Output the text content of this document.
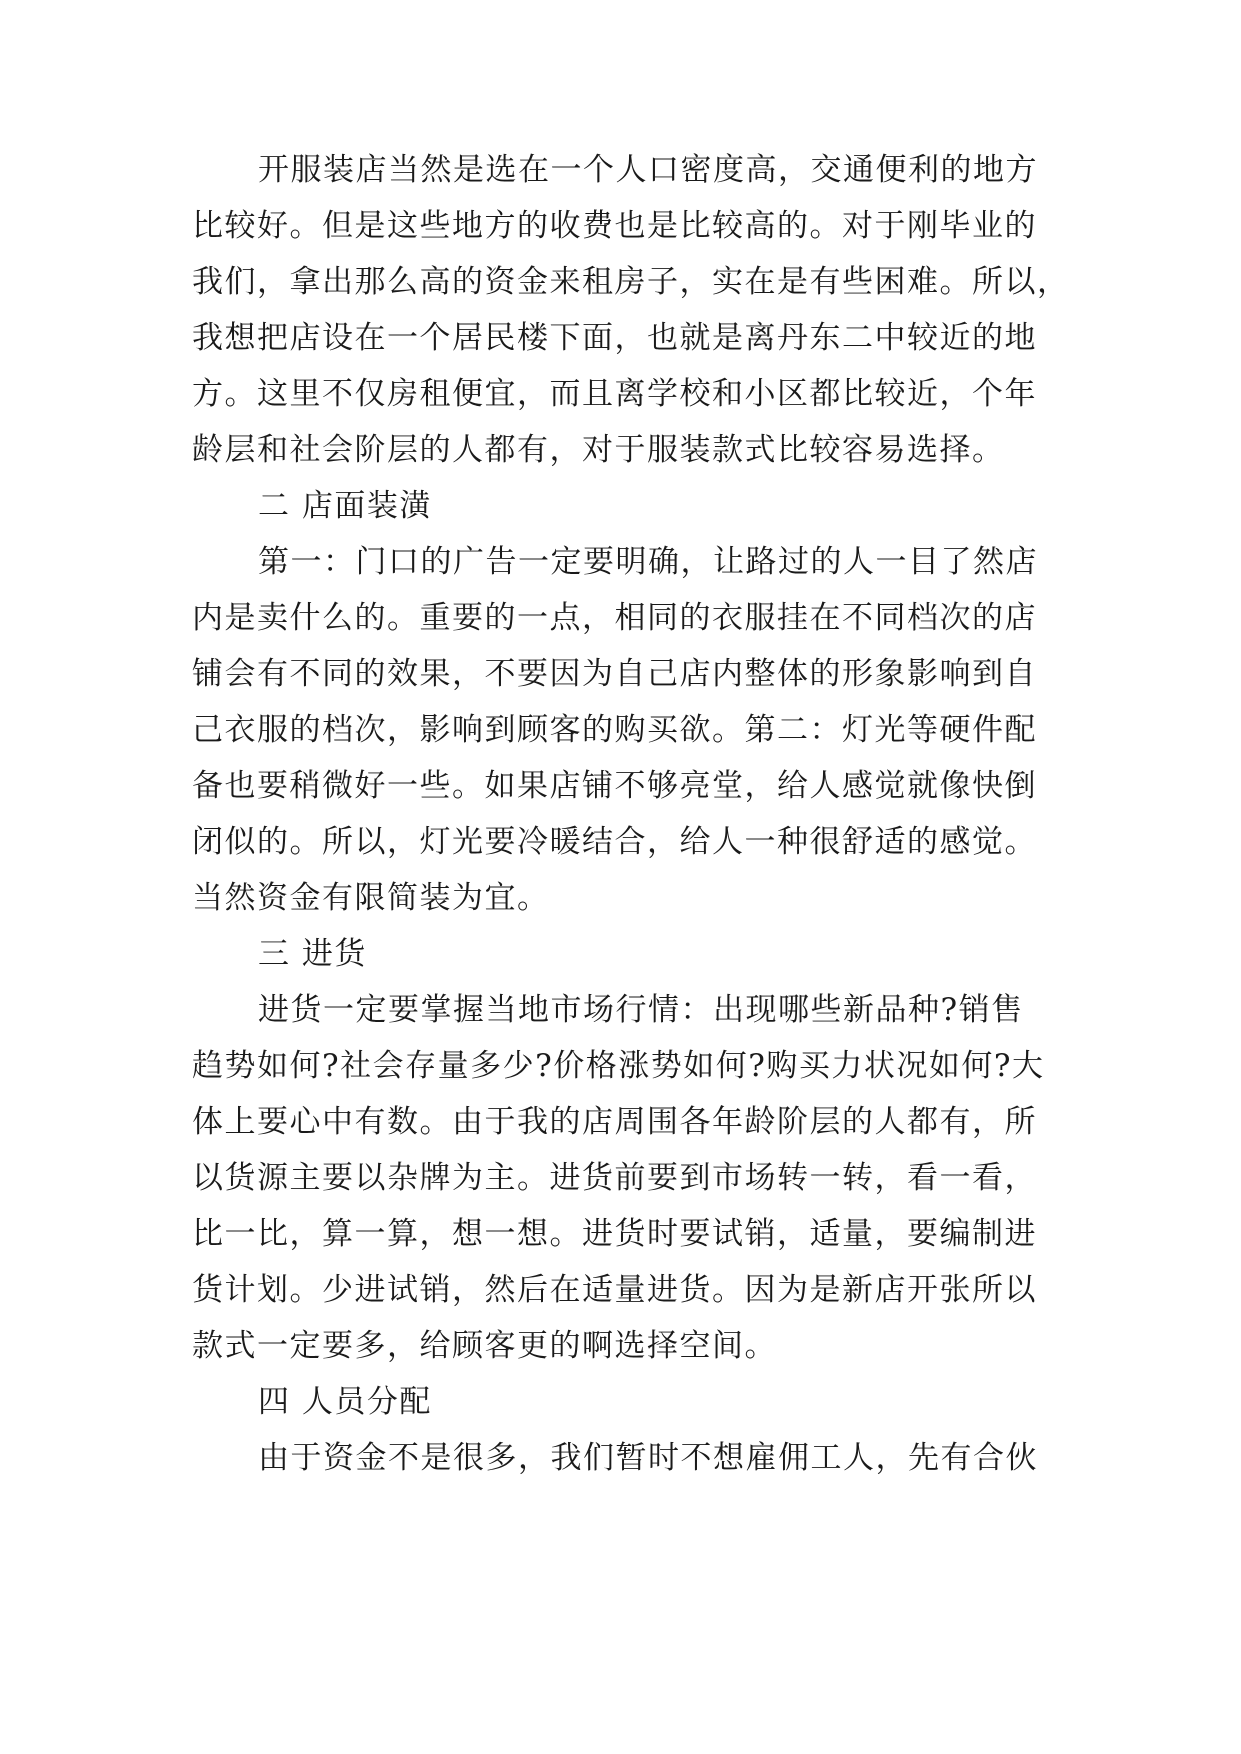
开服装店当然是选在一个人口密度高，交通便利的地方
比较好。但是这些地方的收费也是比较高的。对于刚毕业的
我们，拿出那么高的资金来租房子，实在是有些困难。所以，
我想把店设在一个居民楼下面，也就是离丹东二中较近的地
方。这里不仅房租便宜，而且离学校和小区都比较近，个年
龄层和社会阶层的人都有，对于服装款式比较容易选择。
二 店面装潢
第一：门口的广告一定要明确，让路过的人一目了然店
内是卖什么的。重要的一点，相同的衣服挂在不同档次的店
铺会有不同的效果，不要因为自己店内整体的形象影响到自
己衣服的档次，影响到顾客的购买欲。第二：灯光等硬件配
备也要稍微好一些。如果店铺不够亮堂，给人感觉就像快倒
闭似的。所以，灯光要冷暖结合，给人一种很舒适的感觉。
当然资金有限简装为宜。
三 进货
进货一定要掌握当地市场行情：出现哪些新品种?销售
趋势如何?社会存量多少?价格涨势如何?购买力状况如何?大
体上要心中有数。由于我的店周围各年龄阶层的人都有，所
以货源主要以杂牌为主。进货前要到市场转一转，看一看，
比一比，算一算，想一想。进货时要试销，适量，要编制进
货计划。少进试销，然后在适量进货。因为是新店开张所以
款式一定要多，给顾客更的啊选择空间。
四 人员分配
由于资金不是很多，我们暂时不想雇佣工人，先有合伙
